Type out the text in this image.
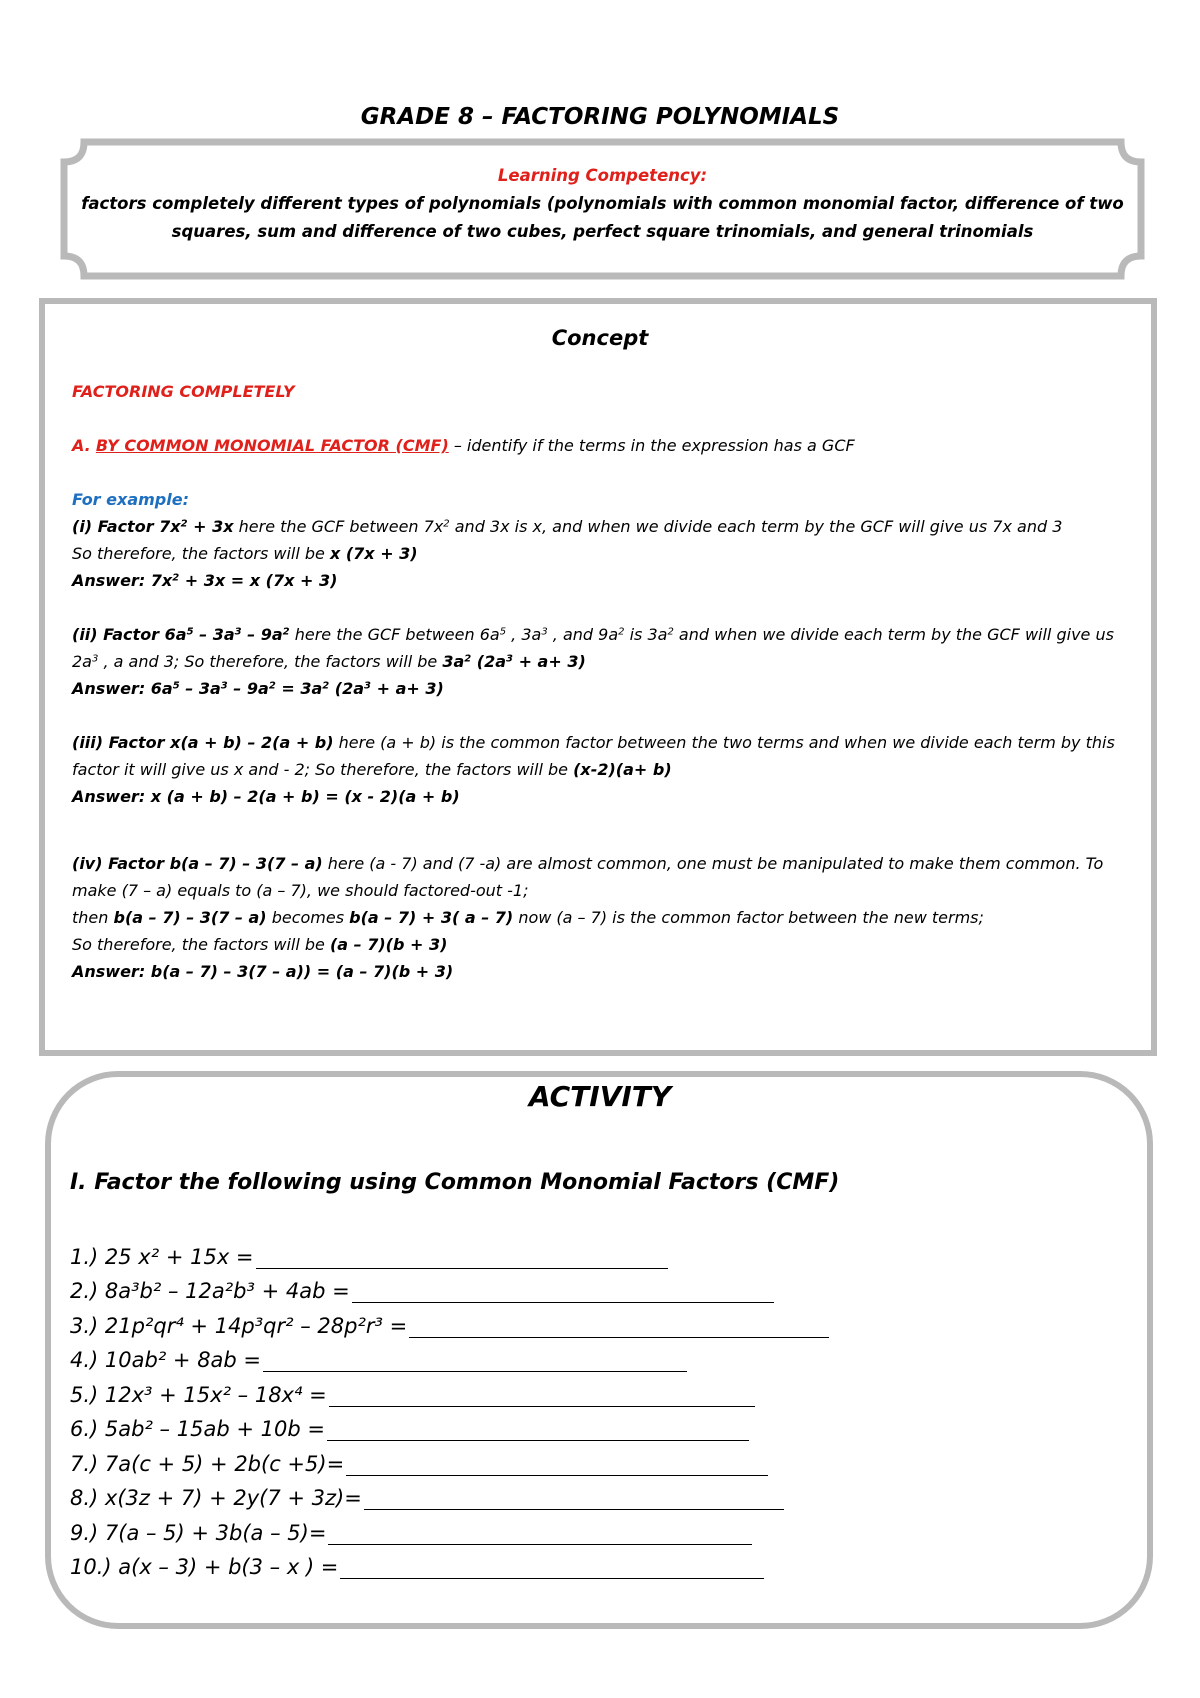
GRADE 8 – FACTORING POLYNOMIALS
Learning Competency:
factors completely different types of polynomials (polynomials with common monomial factor, difference of two squares, sum and difference of two cubes, perfect square trinomials, and general trinomials
Concept

FACTORING COMPLETELY

A. BY COMMON MONOMIAL FACTOR (CMF) – identify if the terms in the expression has a GCF

For example:

(i) Factor $7x^2 + 3x$ here the GCF between $7x^2$ and 3x is x, and when we divide each term by the GCF will give us 7x and 3

So therefore, the factors will be x (7x + 3)

Answer: $7x^2 + 3x = x$ (7x + 3)

(ii) Factor $6a^5 - 3a^3 - 9a^2$ here the GCF between $6a^5$ , $3a^3$ , and $9a^2$ is $3a^2$ and when we divide each term by the GCF will give us $2a^3$ , a and 3; So therefore, the factors will be $3a^2$ $(2a^3 + a+ 3)$

Answer: $6a^5 - 3a^3 - 9a^2 = 3a^2$ $(2a^3 + a+ 3)$

(iii) Factor x(a + b) – 2(a + b) here (a + b) is the common factor between the two terms and when we divide each term by this factor it will give us x and - 2; So therefore, the factors will be (x-2)(a+ b)

Answer: x (a + b) – 2(a + b) = (x - 2)(a + b)

(iv) Factor b(a – 7) – 3(7 – a) here (a - 7) and (7 -a) are almost common, one must be manipulated to make them common. To make (7 – a) equals to (a – 7), we should factored-out -1;

then b(a – 7) – 3(7 – a) becomes b(a – 7) + 3( a – 7) now (a – 7) is the common factor between the new terms;

So therefore, the factors will be (a – 7)(b + 3)

Answer: b(a – 7) – 3(7 – a)) = (a – 7)(b + 3)

ACTIVITY
I. Factor the following using Common Monomial Factors (CMF)
1.) 25 x² + 15x =
2.) 8a³b² – 12a²b³ + 4ab =
3.) 21p²qr⁴ + 14p³qr² – 28p²r³ =
4.) 10ab² + 8ab =
5.) 12x³ + 15x² – 18x⁴ =
6.) 5ab² – 15ab + 10b =
7.) 7a(c + 5) + 2b(c +5)=
8.) x(3z + 7) + 2y(7 + 3z)=
9.) 7(a – 5) + 3b(a – 5)=
10.) a(x – 3) + b(3 – x ) =
